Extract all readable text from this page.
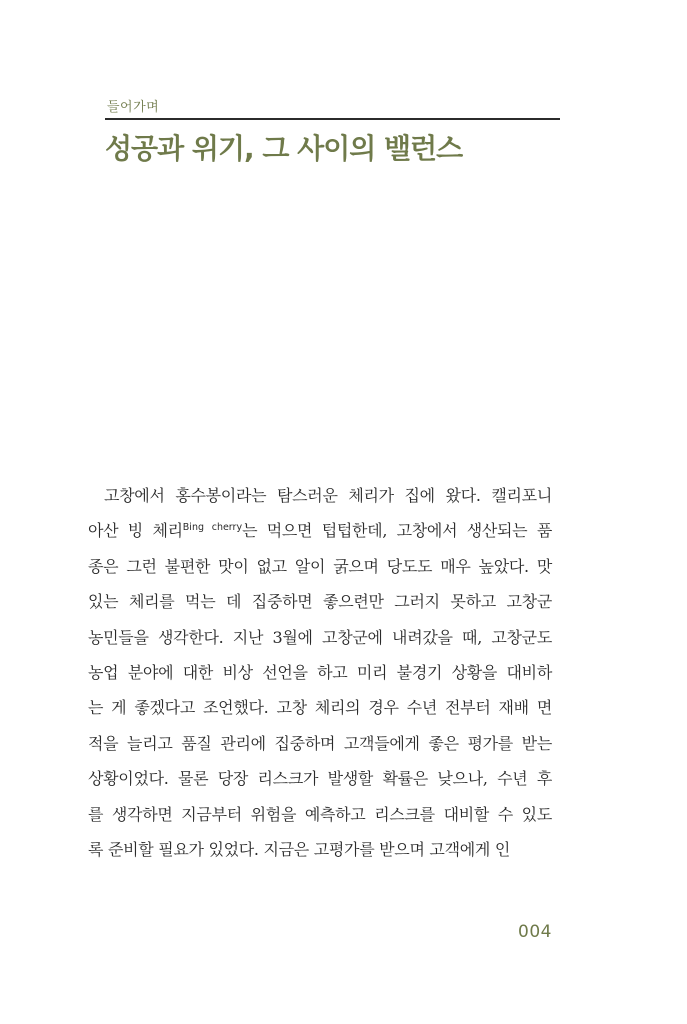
들어가며
성공과 위기, 그 사이의 밸런스
고창에서 홍수봉이라는 탐스러운 체리가 집에 왔다. 캘리포니
아산 빙 체리$^{Bing cherry}$는 먹으면 텁텁한데, 고창에서 생산되는 품
종은 그런 불편한 맛이 없고 알이 굵으며 당도도 매우 높았다. 맛
있는 체리를 먹는 데 집중하면 좋으련만 그러지 못하고 고창군
농민들을 생각한다. 지난 3월에 고창군에 내려갔을 때, 고창군도
농업 분야에 대한 비상 선언을 하고 미리 불경기 상황을 대비하
는 게 좋겠다고 조언했다. 고창 체리의 경우 수년 전부터 재배 면
적을 늘리고 품질 관리에 집중하며 고객들에게 좋은 평가를 받는
상황이었다. 물론 당장 리스크가 발생할 확률은 낮으나, 수년 후
를 생각하면 지금부터 위험을 예측하고 리스크를 대비할 수 있도
록 준비할 필요가 있었다. 지금은 고평가를 받으며 고객에게 인
004
